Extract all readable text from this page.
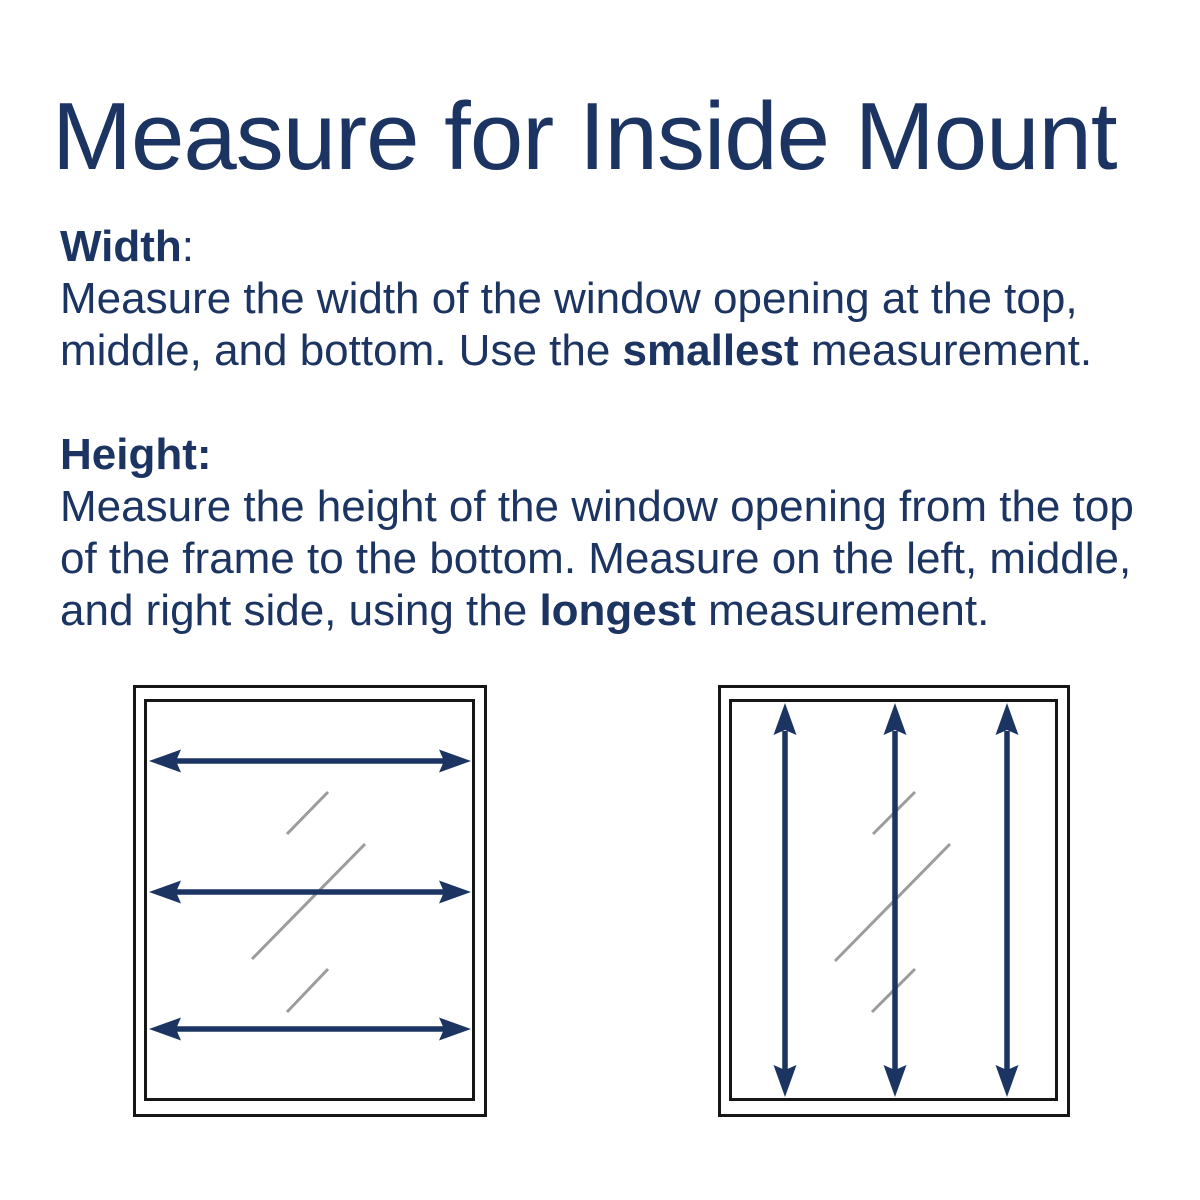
Measure for Inside Mount
Width:
Measure the width of the window opening at the top,
middle, and bottom. Use the smallest measurement.
Height:
Measure the height of the window opening from the top
of the frame to the bottom. Measure on the left, middle,
and right side, using the longest measurement.
